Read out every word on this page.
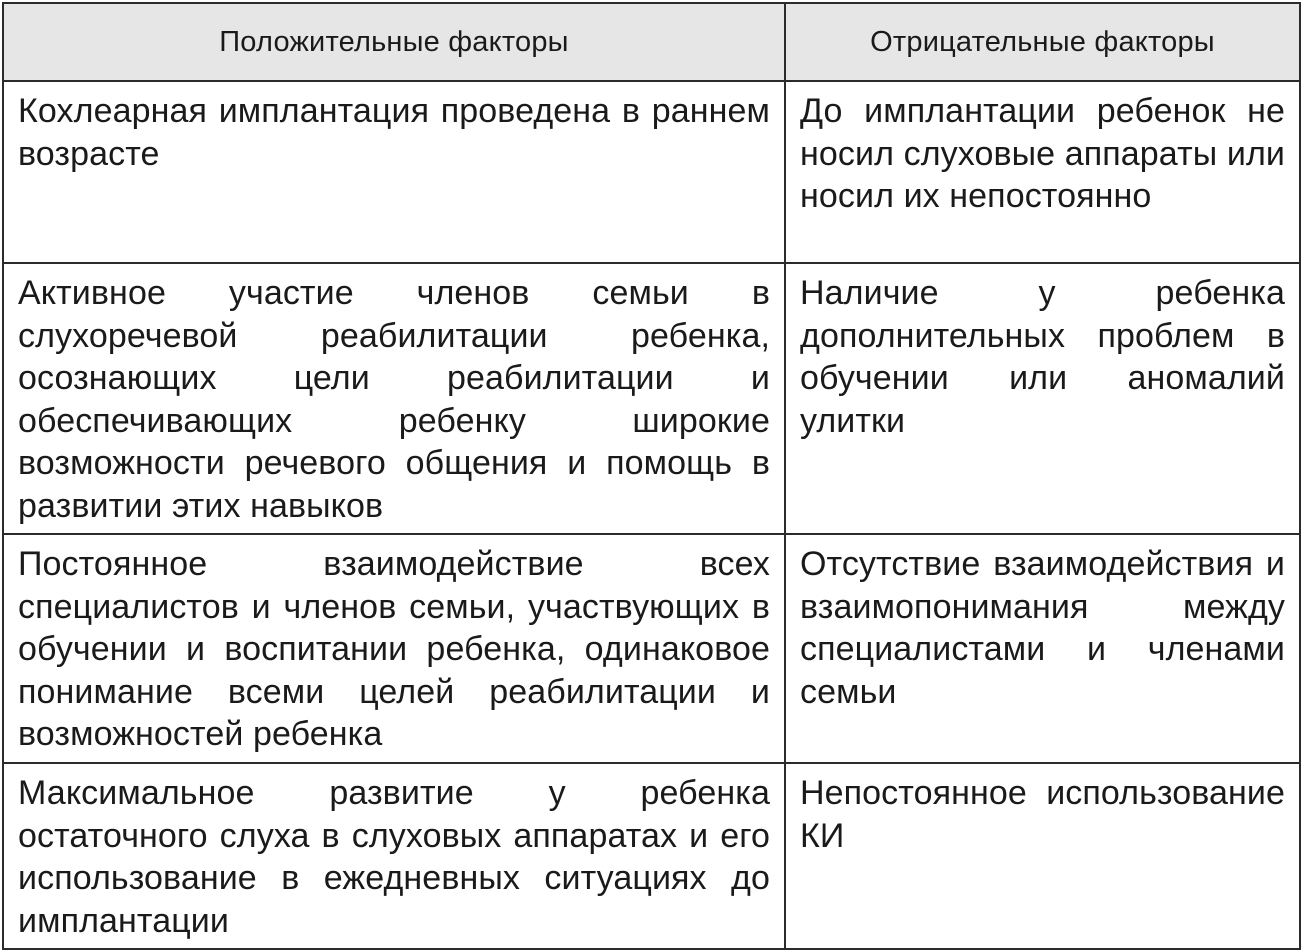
Положительные факторы	Отрицательные факторы

Кохлеарная имплантация проведена в раннем возрасте	До имплантации ребенок не носил слуховые аппараты или носил их непостоянно

Активное участие членов семьи в слухоречевой реабилитации ребенка, осознающих цели реабилитации и обеспечивающих ребенку широкие возможности речевого общения и помощь в развитии этих навыков	Наличие у ребенка дополнительных проблем в обучении или аномалий улитки

Постоянное взаимодействие всех специалистов и членов семьи, участвующих в обучении и воспитании ребенка, одинаковое понимание всеми целей реабилитации и возможностей ребенка	Отсутствие взаимодействия и взаимопонимания между специалистами и членами семьи

Максимальное развитие у ребенка остаточного слуха в слуховых аппаратах и его использование в ежедневных ситуациях до имплантации	Непостоянное использование КИ
